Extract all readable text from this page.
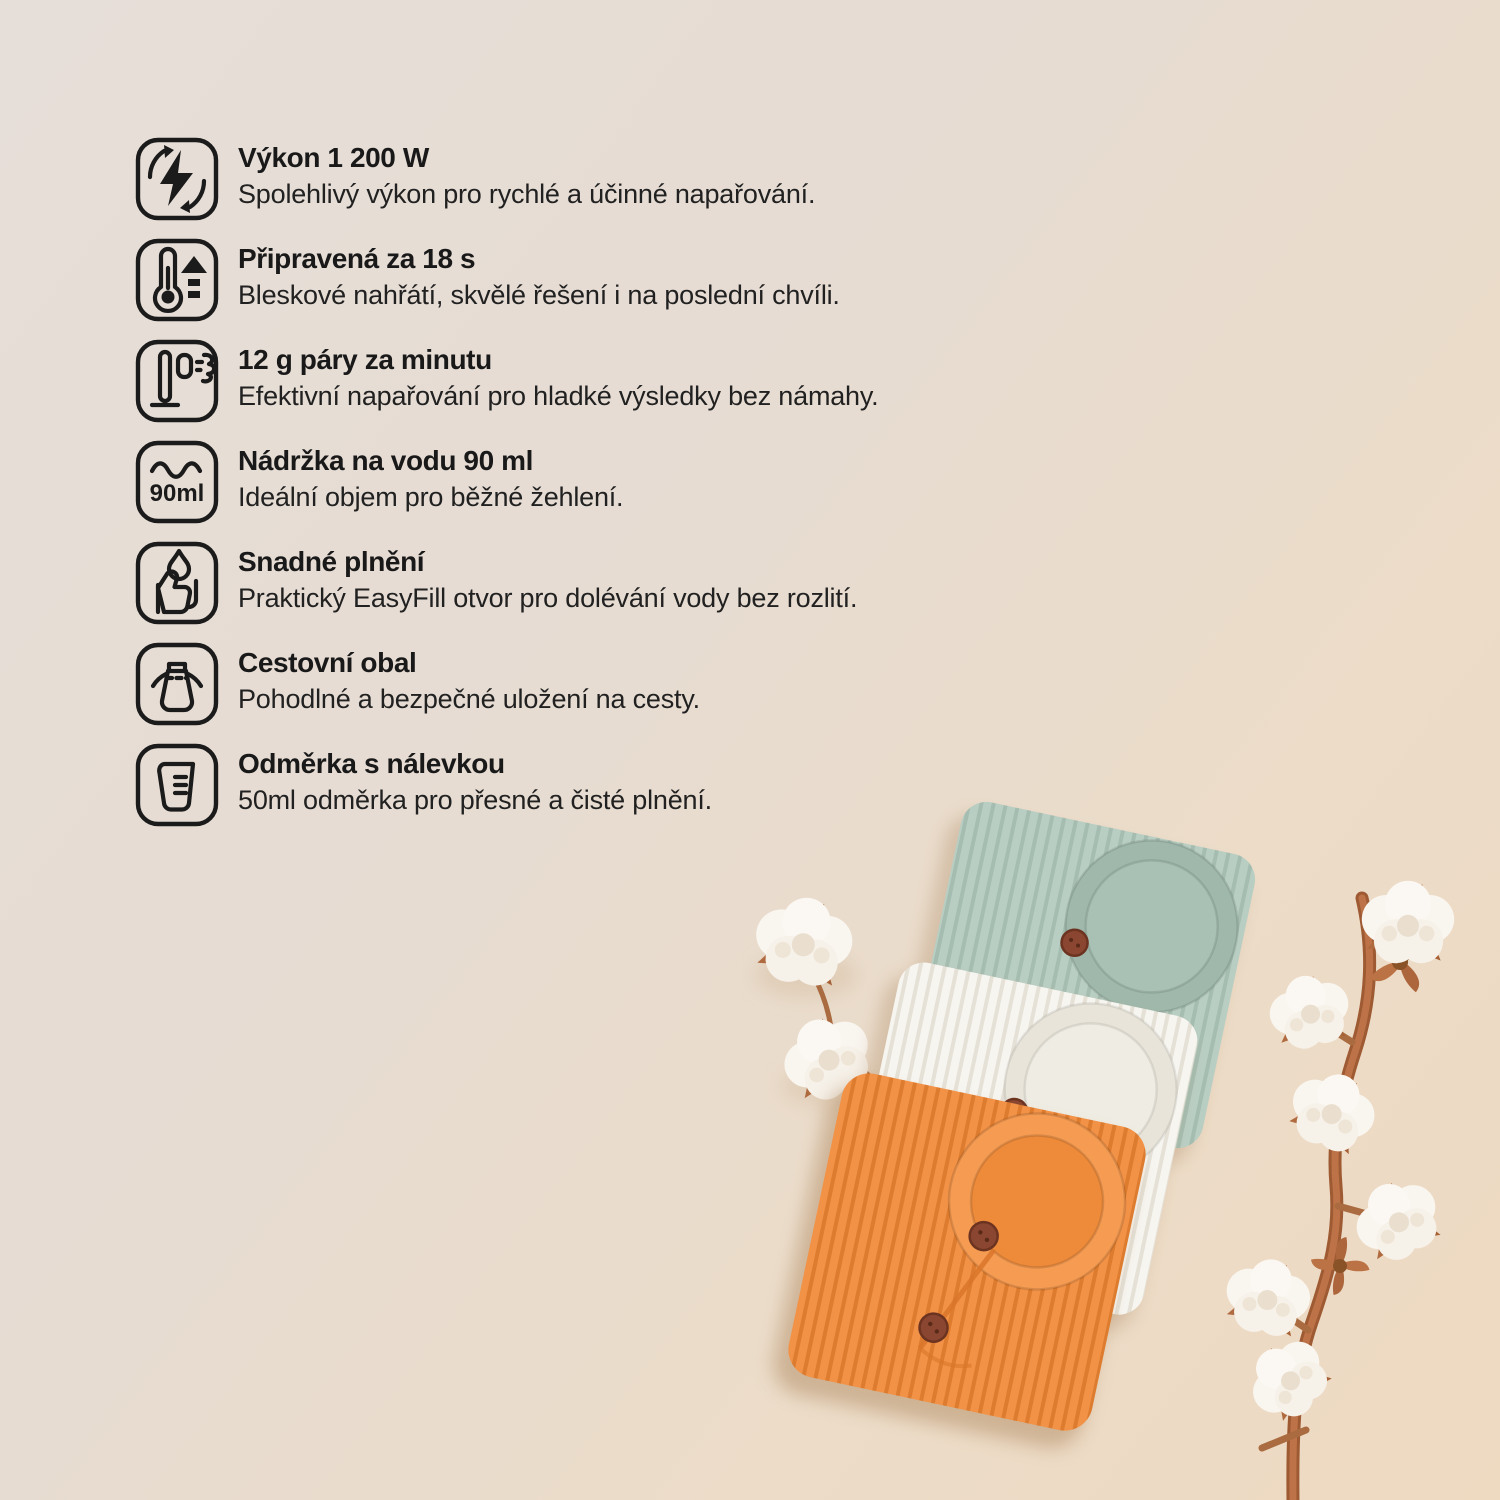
Výkon 1 200 W
Spolehlivý výkon pro rychlé a účinné napařování.
Připravená za 18 s
Bleskové nahřátí, skvělé řešení i na poslední chvíli.
12 g páry za minutu
Efektivní napařování pro hladké výsledky bez námahy.
90ml
Nádržka na vodu 90 ml
Ideální objem pro běžné žehlení.
Snadné plnění
Praktický EasyFill otvor pro dolévání vody bez rozlití.
Cestovní obal
Pohodlné a bezpečné uložení na cesty.
Odměrka s nálevkou
50ml odměrka pro přesné a čisté plnění.
